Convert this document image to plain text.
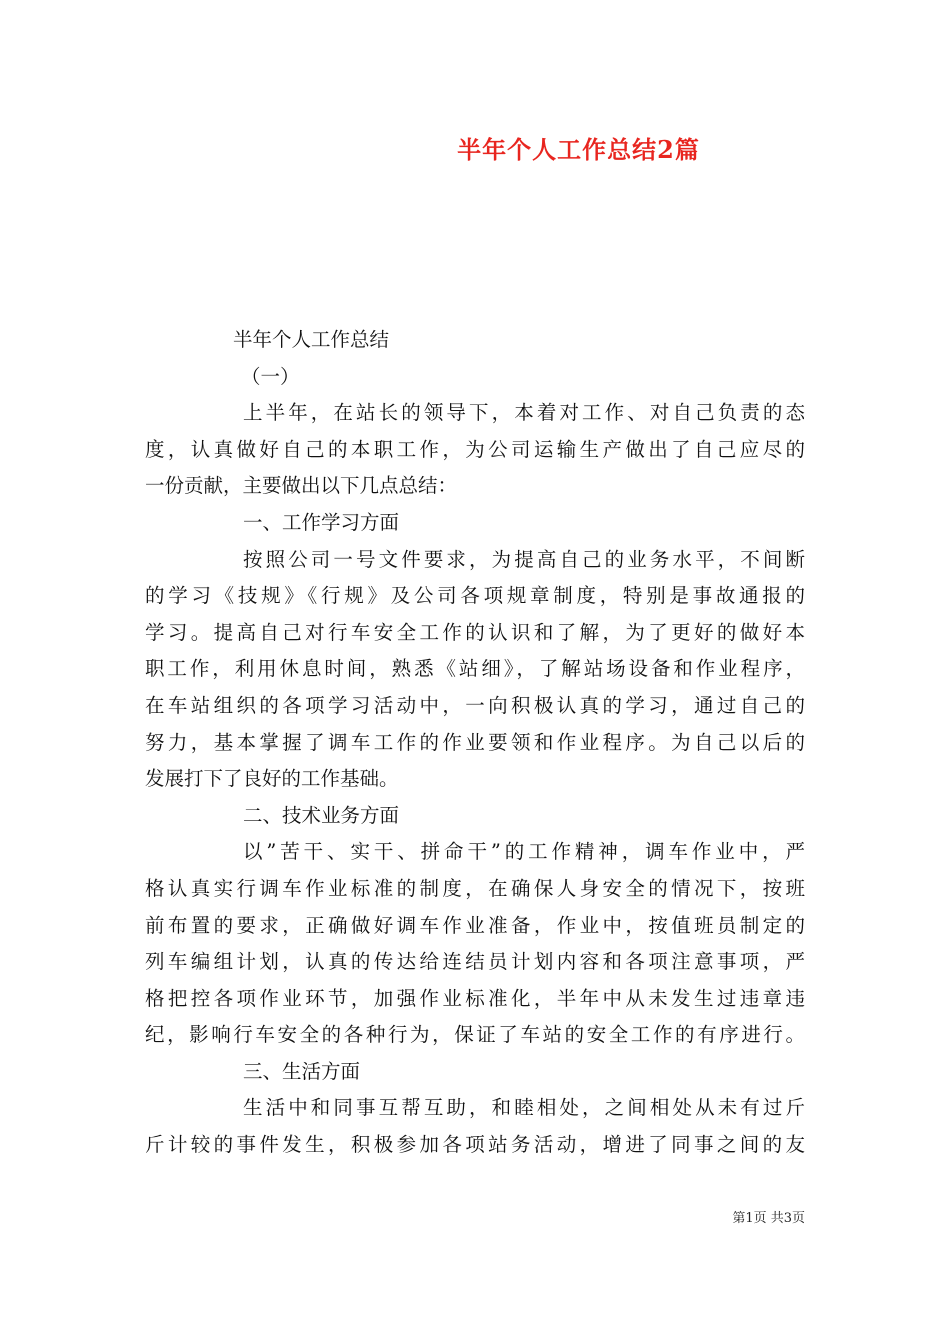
半年个人工作总结2篇
半年个人工作总结
（一）
上半年，在站长的领导下，本着对工作、对自己负责的态
度，认真做好自己的本职工作，为公司运输生产做出了自己应尽的
一份贡献，主要做出以下几点总结：
一、工作学习方面
按照公司一号文件要求，为提高自己的业务水平，不间断
的学习《技规》《行规》及公司各项规章制度，特别是事故通报的
学习。提高自己对行车安全工作的认识和了解，为了更好的做好本
职工作，利用休息时间，熟悉《站细》，了解站场设备和作业程序，
在车站组织的各项学习活动中，一向积极认真的学习，通过自己的
努力，基本掌握了调车工作的作业要领和作业程序。为自己以后的
发展打下了良好的工作基础。
二、技术业务方面
以”苦干、实干、拼命干”的工作精神，调车作业中，严
格认真实行调车作业标准的制度，在确保人身安全的情况下，按班
前布置的要求，正确做好调车作业准备，作业中，按值班员制定的
列车编组计划，认真的传达给连结员计划内容和各项注意事项，严
格把控各项作业环节，加强作业标准化，半年中从未发生过违章违
纪，影响行车安全的各种行为，保证了车站的安全工作的有序进行。
三、生活方面
生活中和同事互帮互助，和睦相处，之间相处从未有过斤
斤计较的事件发生，积极参加各项站务活动，增进了同事之间的友
第1页 共3页
